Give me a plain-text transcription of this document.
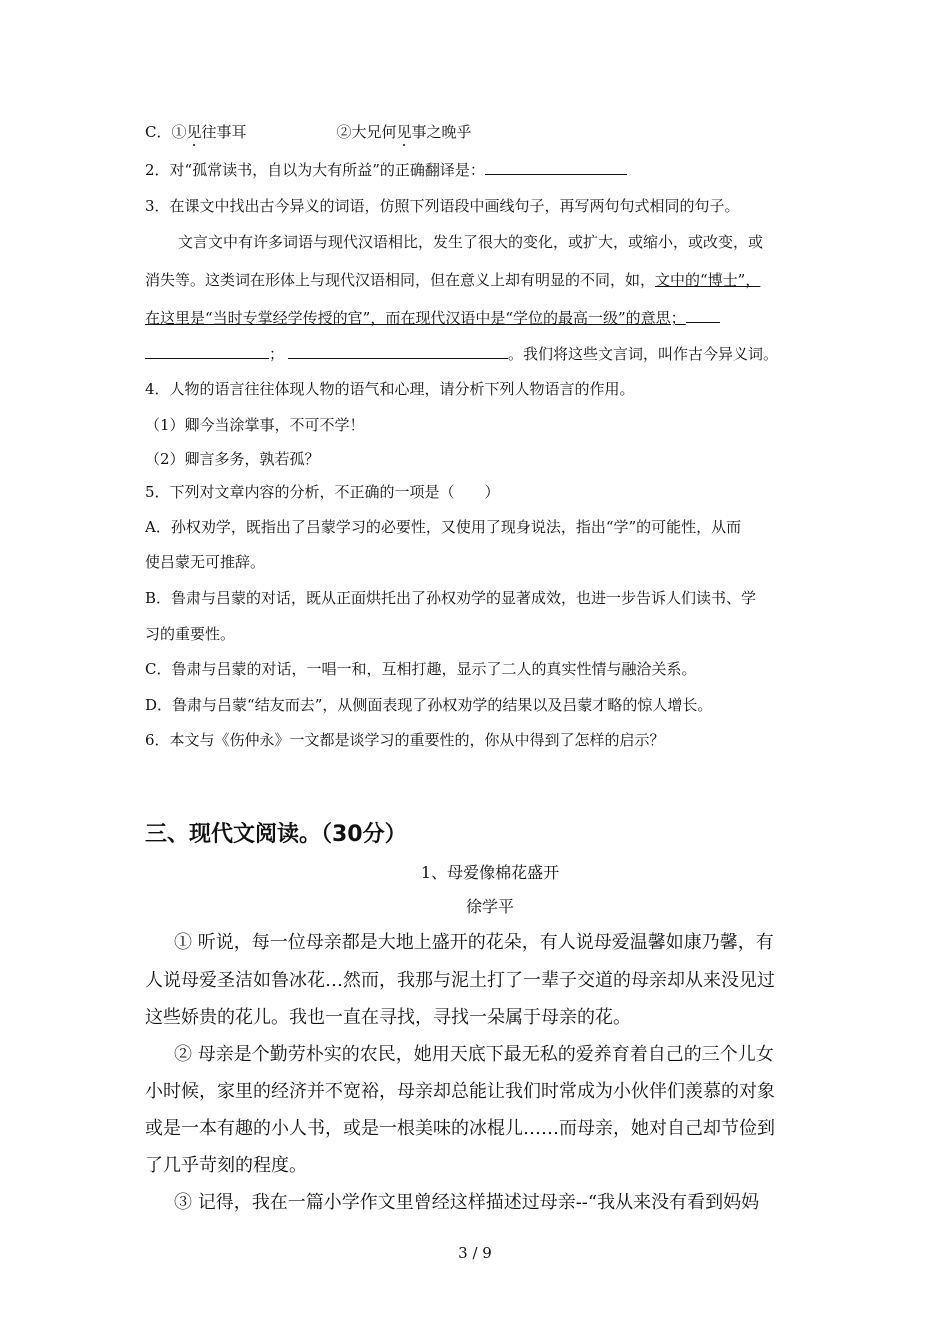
C．①见往事耳	②大兄何见事之晚乎
2．对“孤常读书，自以为大有所益”的正确翻译是：
3．在课文中找出古今异义的词语，仿照下列语段中画线句子，再写两句句式相同的句子。
文言文中有许多词语与现代汉语相比，发生了很大的变化，或扩大，或缩小，或改变，或
消失等。这类词在形体上与现代汉语相同，但在意义上却有明显的不同，如，文中的“博士”，
在这里是“当时专掌经学传授的官”，而在现代汉语中是“学位的最高一级”的意思；
；	。我们将这些文言词，叫作古今异义词。
4．人物的语言往往体现人物的语气和心理，请分析下列人物语言的作用。
（1）卿今当涂掌事，不可不学！
（2）卿言多务，孰若孤？
5．下列对文章内容的分析，不正确的一项是（　　）
A．孙权劝学，既指出了吕蒙学习的必要性，又使用了现身说法，指出“学”的可能性，从而
使吕蒙无可推辞。
B．鲁肃与吕蒙的对话，既从正面烘托出了孙权劝学的显著成效，也进一步告诉人们读书、学
习的重要性。
C．鲁肃与吕蒙的对话，一唱一和，互相打趣，显示了二人的真实性情与融洽关系。
D．鲁肃与吕蒙“结友而去”，从侧面表现了孙权劝学的结果以及吕蒙才略的惊人增长。
6．本文与《伤仲永》一文都是谈学习的重要性的，你从中得到了怎样的启示？
三、现代文阅读。（30分）
1、母爱像棉花盛开
徐学平
① 听说，每一位母亲都是大地上盛开的花朵，有人说母爱温馨如康乃馨，有
人说母爱圣洁如鲁冰花…然而，我那与泥土打了一辈子交道的母亲却从来没见过
这些娇贵的花儿。我也一直在寻找，寻找一朵属于母亲的花。
② 母亲是个勤劳朴实的农民，她用天底下最无私的爱养育着自己的三个儿女
小时候，家里的经济并不宽裕，母亲却总能让我们时常成为小伙伴们羡慕的对象
或是一本有趣的小人书，或是一根美味的冰棍儿……而母亲，她对自己却节俭到
了几乎苛刻的程度。
③ 记得，我在一篇小学作文里曾经这样描述过母亲--“我从来没有看到妈妈
3 / 9
